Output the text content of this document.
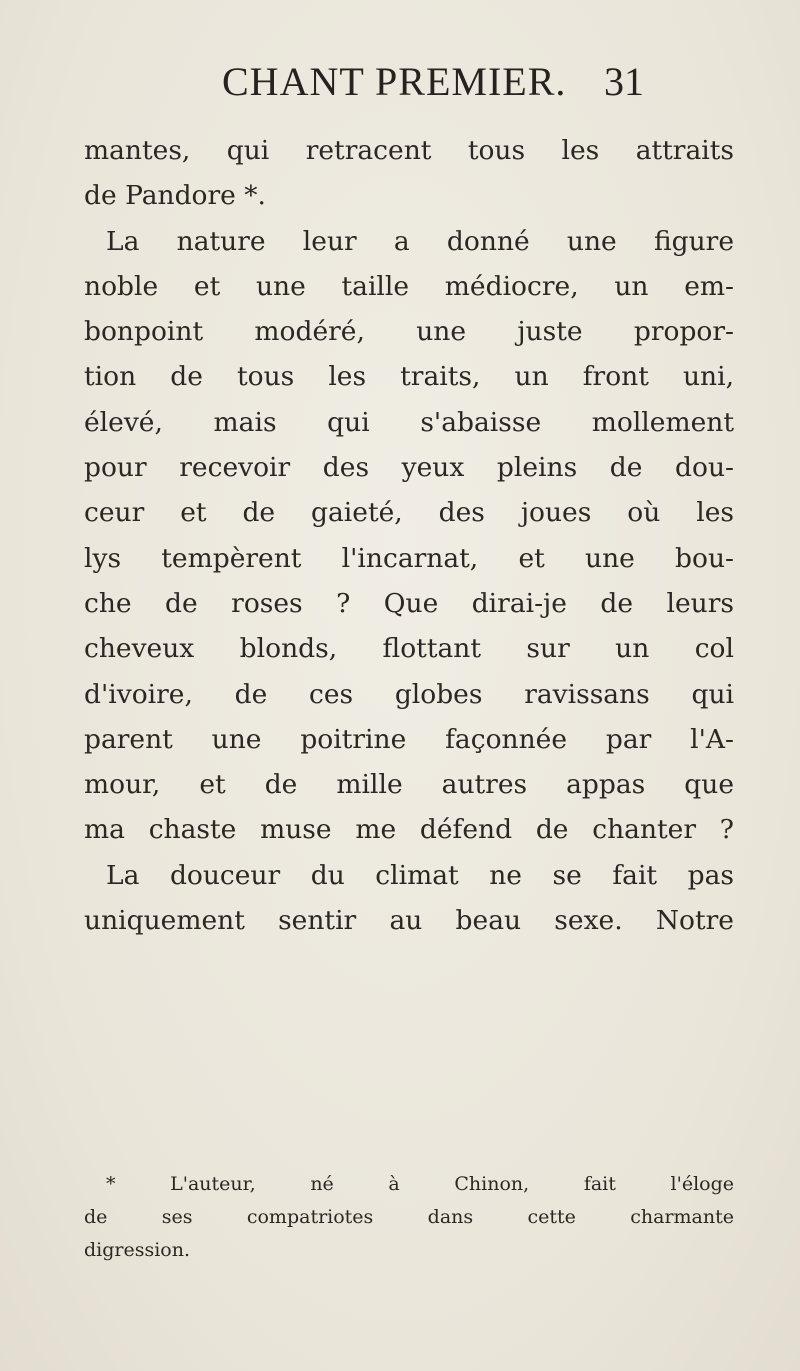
CHANT PREMIER. 31
mantes, qui retracent tous les attraits
de Pandore *.
La nature leur a donné une figure
noble et une taille médiocre, un em-
bonpoint modéré, une juste propor-
tion de tous les traits, un front uni,
élevé, mais qui s'abaisse mollement
pour recevoir des yeux pleins de dou-
ceur et de gaieté, des joues où les
lys tempèrent l'incarnat, et une bou-
che de roses ? Que dirai-je de leurs
cheveux blonds, flottant sur un col
d'ivoire, de ces globes ravissans qui
parent une poitrine façonnée par l'A-
mour, et de mille autres appas que
ma chaste muse me défend de chanter ?
La douceur du climat ne se fait pas
uniquement sentir au beau sexe. Notre
* L'auteur, né à Chinon, fait l'éloge
de ses compatriotes dans cette charmante
digression.
